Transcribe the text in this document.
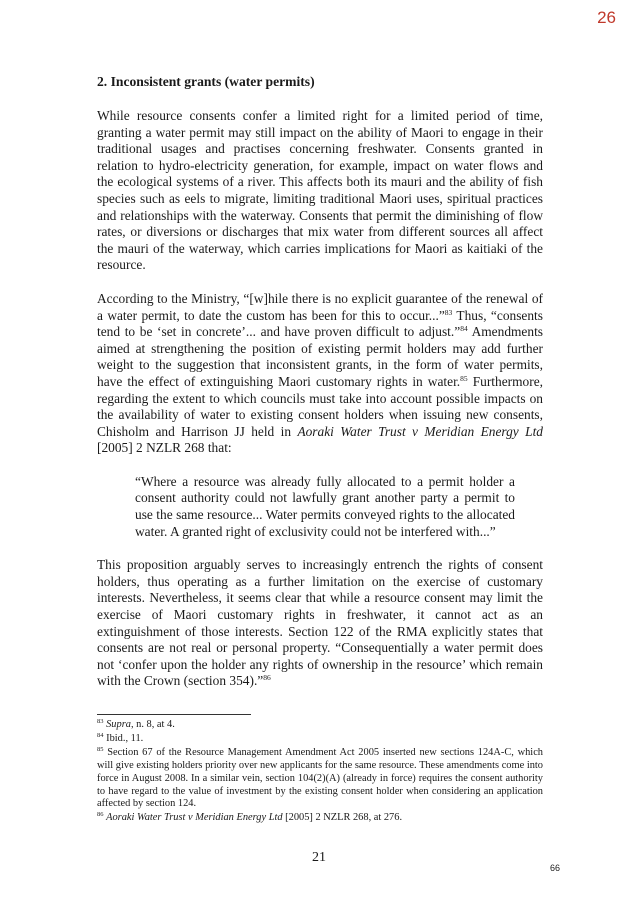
26
2. Inconsistent grants (water permits)

While resource consents confer a limited right for a limited period of time, granting a water permit may still impact on the ability of Maori to engage in their traditional usages and practises concerning freshwater. Consents granted in relation to hydro-electricity generation, for example, impact on water flows and the ecological systems of a river. This affects both its mauri and the ability of fish species such as eels to migrate, limiting traditional Maori uses, spiritual practices and relationships with the waterway. Consents that permit the diminishing of flow rates, or diversions or discharges that mix water from different sources all affect the mauri of the waterway, which carries implications for Maori as kaitiaki of the resource.

According to the Ministry, “[w]hile there is no explicit guarantee of the renewal of a water permit, to date the custom has been for this to occur...”$^{83}$ Thus, “consents tend to be ‘set in concrete’... and have proven difficult to adjust.”$^{84}$ Amendments aimed at strengthening the position of existing permit holders may add further weight to the suggestion that inconsistent grants, in the form of water permits, have the effect of extinguishing Maori customary rights in water.$^{85}$ Furthermore, regarding the extent to which councils must take into account possible impacts on the availability of water to existing consent holders when issuing new consents, Chisholm and Harrison JJ held in Aoraki Water Trust v Meridian Energy Ltd [2005] 2 NZLR 268 that:

“Where a resource was already fully allocated to a permit holder a consent authority could not lawfully grant another party a permit to use the same resource... Water permits conveyed rights to the allocated water. A granted right of exclusivity could not be interfered with...”

This proposition arguably serves to increasingly entrench the rights of consent holders, thus operating as a further limitation on the exercise of customary interests. Nevertheless, it seems clear that while a resource consent may limit the exercise of Maori customary rights in freshwater, it cannot act as an extinguishment of those interests. Section 122 of the RMA explicitly states that consents are not real or personal property. “Consequentially a water permit does not ‘confer upon the holder any rights of ownership in the resource’ which remain with the Crown (section 354).”$^{86}$

$^{83}$ Supra, n. 8, at 4.
$^{84}$ Ibid., 11.
$^{85}$ Section 67 of the Resource Management Amendment Act 2005 inserted new sections 124A-C, which will give existing holders priority over new applicants for the same resource. These amendments come into force in August 2008. In a similar vein, section 104(2)(A) (already in force) requires the consent authority to have regard to the value of investment by the existing consent holder when considering an application affected by section 124.
$^{86}$ Aoraki Water Trust v Meridian Energy Ltd [2005] 2 NZLR 268, at 276.
21
66
